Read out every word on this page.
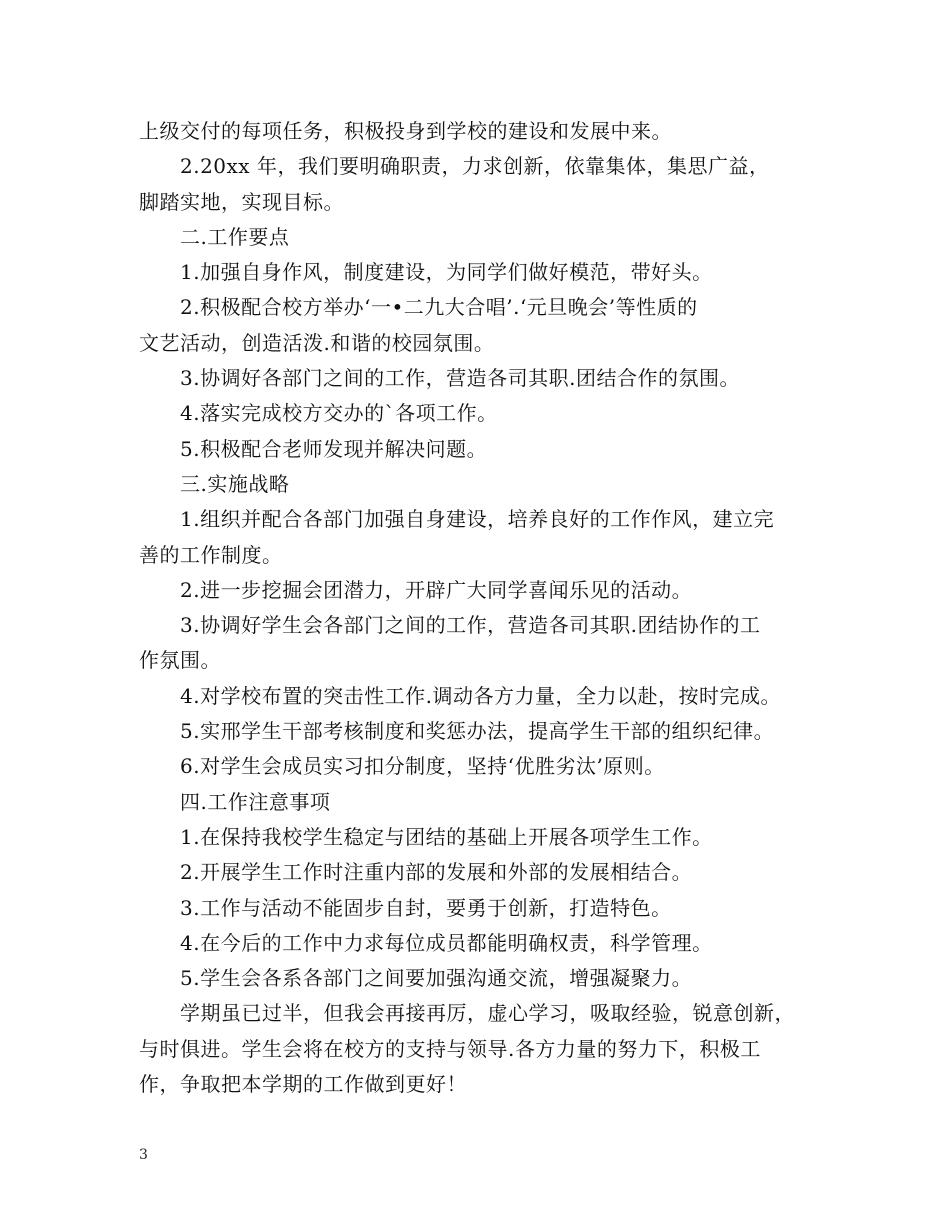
上级交付的每项任务，积极投身到学校的建设和发展中来。
2.20xx 年，我们要明确职责，力求创新，依靠集体，集思广益，
脚踏实地，实现目标。
二.工作要点
1.加强自身作风，制度建设，为同学们做好模范，带好头。
2.积极配合校方举办‘一•二九大合唱’.‘元旦晚会’等性质的
文艺活动，创造活泼.和谐的校园氛围。
3.协调好各部门之间的工作，营造各司其职.团结合作的氛围。
4.落实完成校方交办的`各项工作。
5.积极配合老师发现并解决问题。
三.实施战略
1.组织并配合各部门加强自身建设，培养良好的工作作风，建立完
善的工作制度。
2.进一步挖掘会团潜力，开辟广大同学喜闻乐见的活动。
3.协调好学生会各部门之间的工作，营造各司其职.团结协作的工
作氛围。
4.对学校布置的突击性工作.调动各方力量，全力以赴，按时完成。
5.实邢学生干部考核制度和奖惩办法，提高学生干部的组织纪律。
6.对学生会成员实习扣分制度，坚持‘优胜劣汰’原则。
四.工作注意事项
1.在保持我校学生稳定与团结的基础上开展各项学生工作。
2.开展学生工作时注重内部的发展和外部的发展相结合。
3.工作与活动不能固步自封，要勇于创新，打造特色。
4.在今后的工作中力求每位成员都能明确权责，科学管理。
5.学生会各系各部门之间要加强沟通交流，增强凝聚力。
学期虽已过半，但我会再接再厉，虚心学习，吸取经验，锐意创新，
与时俱进。学生会将在校方的支持与领导.各方力量的努力下，积极工
作，争取把本学期的工作做到更好！
3
